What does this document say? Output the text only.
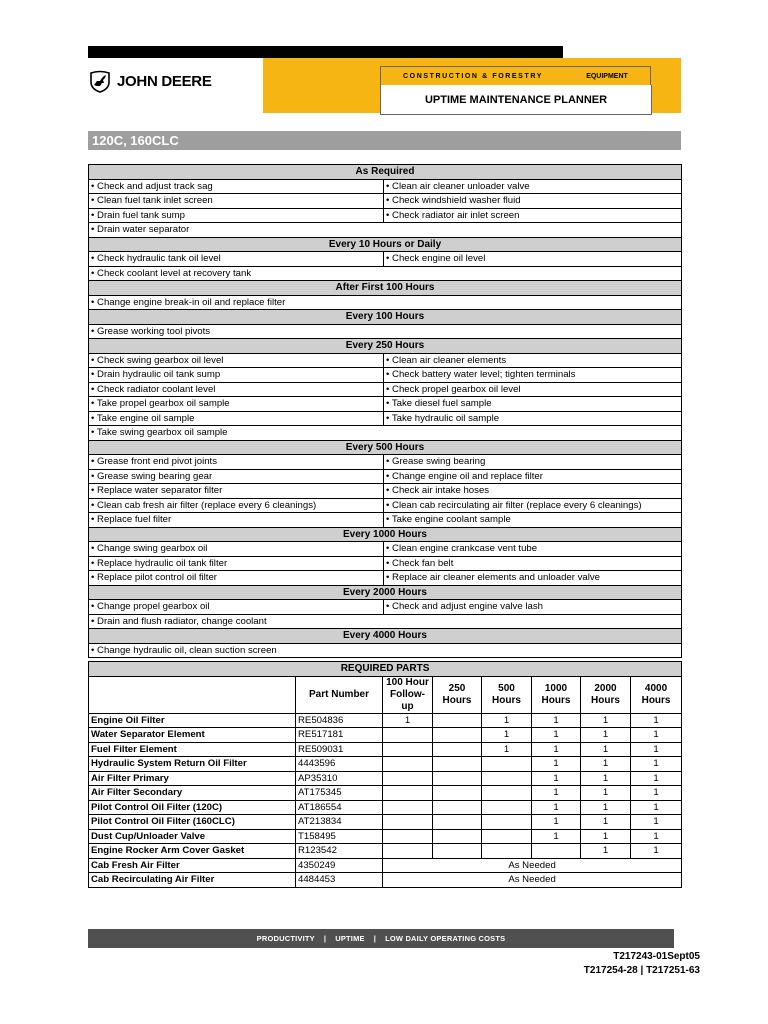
JOHN DEERE	CONSTRUCTION & FORESTRY	EQUIPMENT
UPTIME MAINTENANCE PLANNER
120C, 160CLC
As Required	
• Check and adjust track sag	• Clean air cleaner unloader valve
• Clean fuel tank inlet screen	• Check windshield washer fluid
• Drain fuel tank sump	• Check radiator air inlet screen
• Drain water separator	
Every 10 Hours or Daily	
• Check hydraulic tank oil level	• Check engine oil level
• Check coolant level at recovery tank	
After First 100 Hours	
• Change engine break-in oil and replace filter	
Every 100 Hours	
• Grease working tool pivots	
Every 250 Hours	
• Check swing gearbox oil level	• Clean air cleaner elements
• Drain hydraulic oil tank sump	• Check battery water level; tighten terminals
• Check radiator coolant level	• Check propel gearbox oil level
• Take propel gearbox oil sample	• Take diesel fuel sample
• Take engine oil sample	• Take hydraulic oil sample
• Take swing gearbox oil sample	
Every 500 Hours	
• Grease front end pivot joints	• Grease swing bearing
• Grease swing bearing gear	• Change engine oil and replace filter
• Replace water separator filter	• Check air intake hoses
• Clean cab fresh air filter (replace every 6 cleanings)	• Clean cab recirculating air filter (replace every 6 cleanings)
• Replace fuel filter	• Take engine coolant sample
Every 1000 Hours	
• Change swing gearbox oil	• Clean engine crankcase vent tube
• Replace hydraulic oil tank filter	• Check fan belt
• Replace pilot control oil filter	• Replace air cleaner elements and unloader valve
Every 2000 Hours	
• Change propel gearbox oil	• Check and adjust engine valve lash
• Drain and flush radiator, change coolant	
Every 4000 Hours	
• Change hydraulic oil, clean suction screen	
REQUIRED PARTS							
	Part Number	100 Hour Follow-up	250 Hours	500 Hours	1000 Hours	2000 Hours	4000 Hours
Engine Oil Filter	RE504836	1		1	1	1	1
Water Separator Element	RE517181			1	1	1	1
Fuel Filter Element	RE509031			1	1	1	1
Hydraulic System Return Oil Filter	4443596				1	1	1
Air Filter Primary	AP35310				1	1	1
Air Filter Secondary	AT175345				1	1	1
Pilot Control Oil Filter (120C)	AT186554				1	1	1
Pilot Control Oil Filter (160CLC)	AT213834				1	1	1
Dust Cup/Unloader Valve	T158495				1	1	1
Engine Rocker Arm Cover Gasket	R123542					1	1
Cab Fresh Air Filter	4350249	As Needed					
Cab Recirculating Air Filter	4484453	As Needed					
PRODUCTIVITY | UPTIME | LOW DAILY OPERATING COSTS
T217243-01Sept05
T217254-28 | T217251-63
